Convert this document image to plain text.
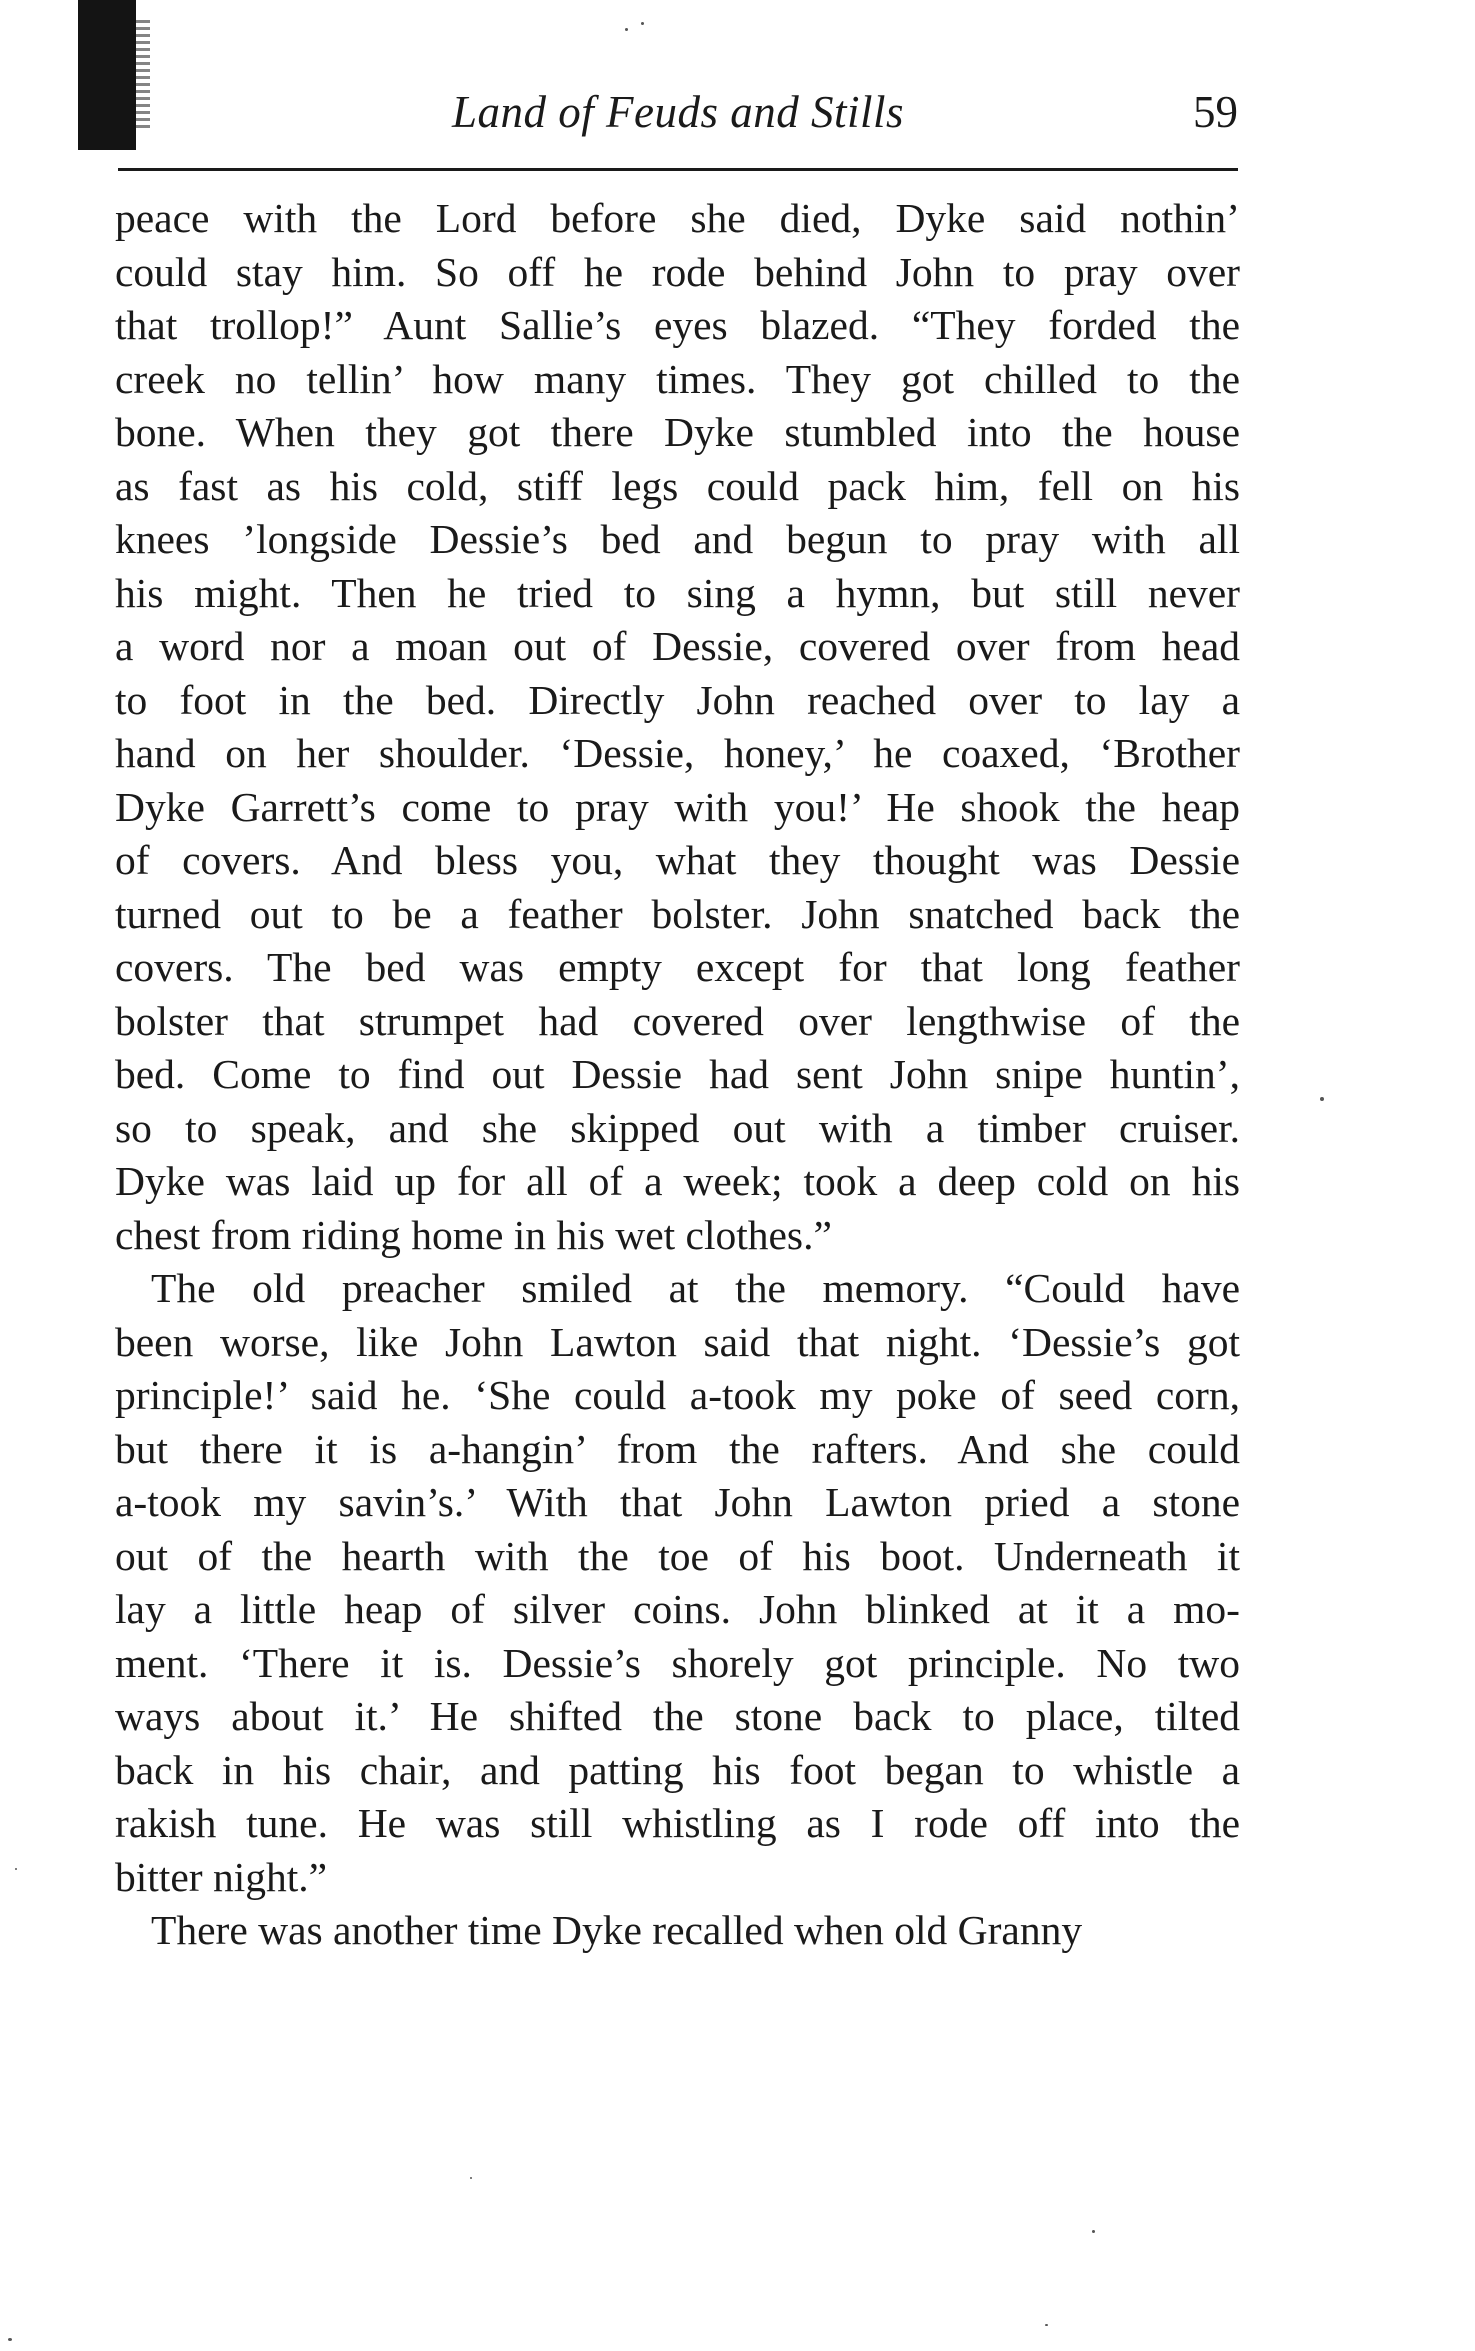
Land of Feuds and Stills	59
peace with the Lord before she died, Dyke said nothin’
could stay him. So off he rode behind John to pray over
that trollop!” Aunt Sallie’s eyes blazed. “They forded the
creek no tellin’ how many times. They got chilled to the
bone. When they got there Dyke stumbled into the house
as fast as his cold, stiff legs could pack him, fell on his
knees ’longside Dessie’s bed and begun to pray with all
his might. Then he tried to sing a hymn, but still never
a word nor a moan out of Dessie, covered over from head
to foot in the bed. Directly John reached over to lay a
hand on her shoulder. ‘Dessie, honey,’ he coaxed, ‘Brother
Dyke Garrett’s come to pray with you!’ He shook the heap
of covers. And bless you, what they thought was Dessie
turned out to be a feather bolster. John snatched back the
covers. The bed was empty except for that long feather
bolster that strumpet had covered over lengthwise of the
bed. Come to find out Dessie had sent John snipe huntin’,
so to speak, and she skipped out with a timber cruiser.
Dyke was laid up for all of a week; took a deep cold on his
chest from riding home in his wet clothes.”
The old preacher smiled at the memory. “Could have
been worse, like John Lawton said that night. ‘Dessie’s got
principle!’ said he. ‘She could a-took my poke of seed corn,
but there it is a-hangin’ from the rafters. And she could
a-took my savin’s.’ With that John Lawton pried a stone
out of the hearth with the toe of his boot. Underneath it
lay a little heap of silver coins. John blinked at it a mo-
ment. ‘There it is. Dessie’s shorely got principle. No two
ways about it.’ He shifted the stone back to place, tilted
back in his chair, and patting his foot began to whistle a
rakish tune. He was still whistling as I rode off into the
bitter night.”
There was another time Dyke recalled when old Granny
